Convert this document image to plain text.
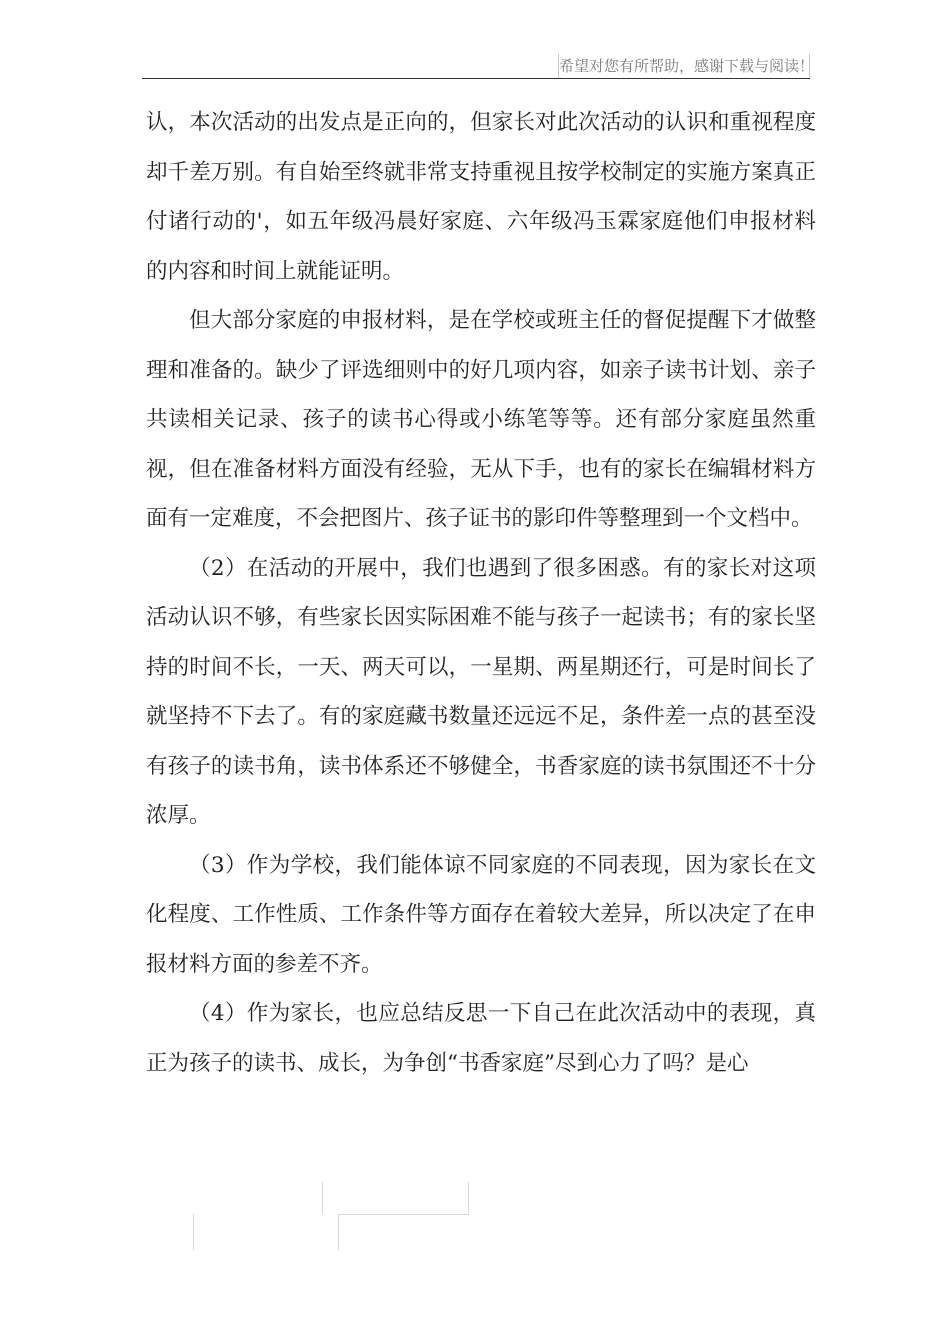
希望对您有所帮助，感谢下载与阅读！

认，本次活动的出发点是正向的，但家长对此次活动的认识和重视程度却千差万别。有自始至终就非常支持重视且按学校制定的实施方案真正付诸行动的'，如五年级冯晨好家庭、六年级冯玉霖家庭他们申报材料的内容和时间上就能证明。

但大部分家庭的申报材料，是在学校或班主任的督促提醒下才做整理和准备的。缺少了评选细则中的好几项内容，如亲子读书计划、亲子共读相关记录、孩子的读书心得或小练笔等等。还有部分家庭虽然重视，但在准备材料方面没有经验，无从下手，也有的家长在编辑材料方面有一定难度，不会把图片、孩子证书的影印件等整理到一个文档中。

（2）在活动的开展中，我们也遇到了很多困惑。有的家长对这项活动认识不够，有些家长因实际困难不能与孩子一起读书；有的家长坚持的时间不长，一天、两天可以，一星期、两星期还行，可是时间长了就坚持不下去了。有的家庭藏书数量还远远不足，条件差一点的甚至没有孩子的读书角，读书体系还不够健全，书香家庭的读书氛围还不十分浓厚。

（3）作为学校，我们能体谅不同家庭的不同表现，因为家长在文化程度、工作性质、工作条件等方面存在着较大差异，所以决定了在申报材料方面的参差不齐。

（4）作为家长，也应总结反思一下自己在此次活动中的表现，真正为孩子的读书、成长，为争创“书香家庭”尽到心力了吗？是心
